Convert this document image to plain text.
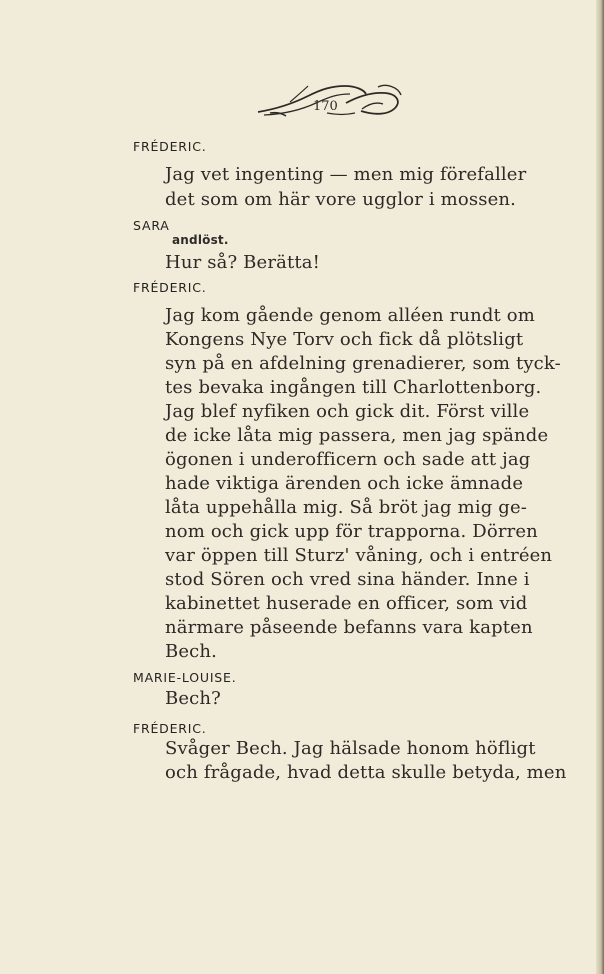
170
FRÉDERIC.
Jag vet ingenting — men mig förefaller
det som om här vore ugglor i mossen.
SARA
andlöst.
Hur så? Berätta!
FRÉDERIC.
Jag kom gående genom alléen rundt om
Kongens Nye Torv och fick då plötsligt
syn på en afdelning grenadierer, som tyck-
tes bevaka ingången till Charlottenborg.
Jag blef nyfiken och gick dit. Först ville
de icke låta mig passera, men jag spände
ögonen i underofficern och sade att jag
hade viktiga ärenden och icke ämnade
låta uppehålla mig. Så bröt jag mig ge-
nom och gick upp för trapporna. Dörren
var öppen till Sturz' våning, och i entréen
stod Sören och vred sina händer. Inne i
kabinettet huserade en officer, som vid
närmare påseende befanns vara kapten
Bech.
MARIE-LOUISE.
Bech?
FRÉDERIC.
Svåger Bech. Jag hälsade honom höfligt
och frågade, hvad detta skulle betyda, men
